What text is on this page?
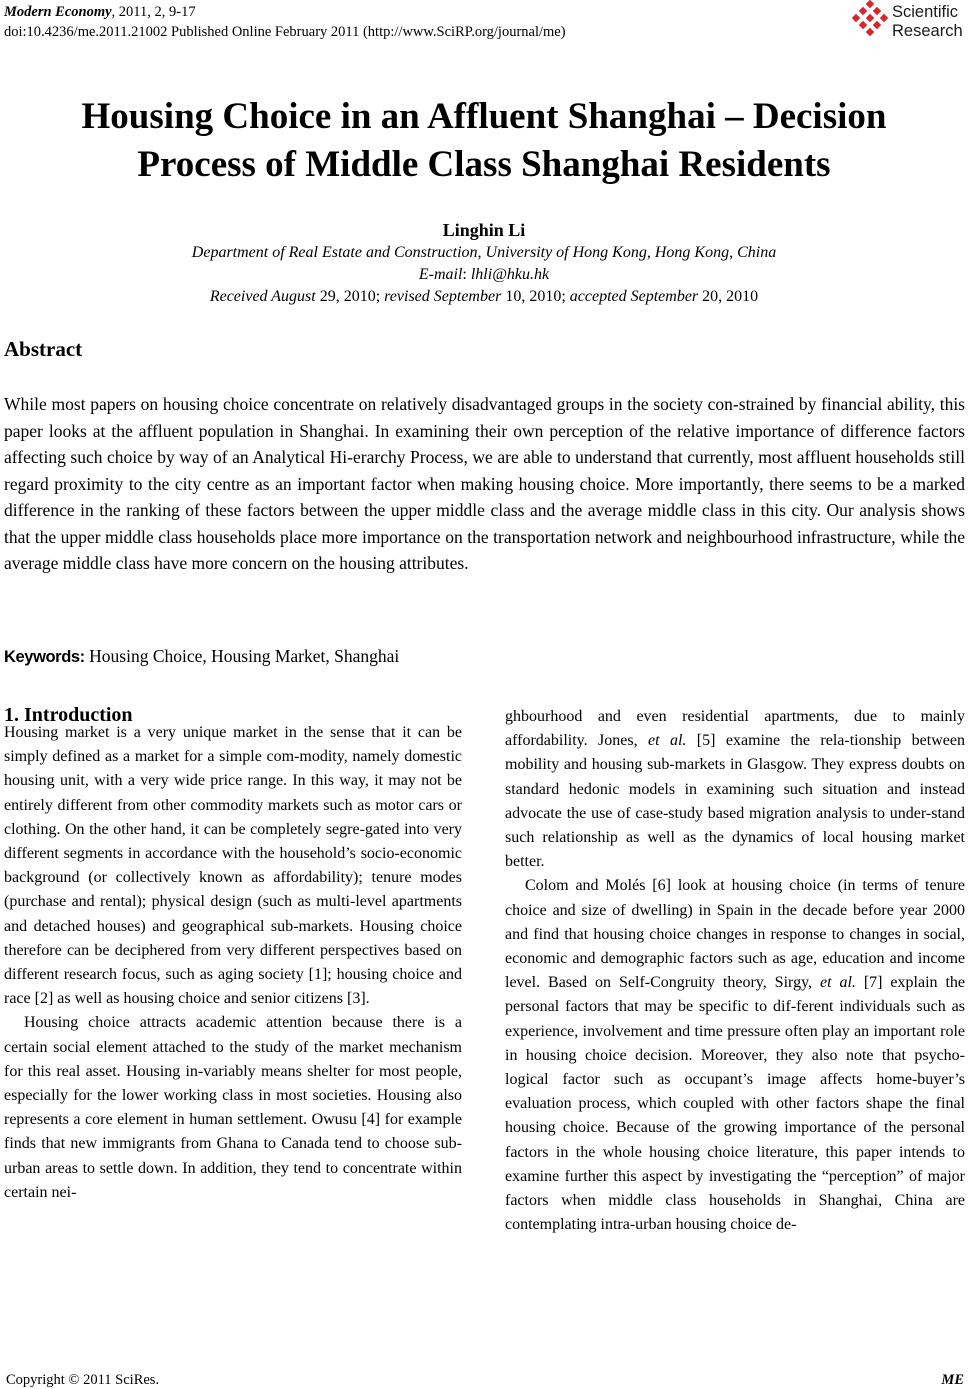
Modern Economy, 2011, 2, 9-17
doi:10.4236/me.2011.21002 Published Online February 2011 (http://www.SciRP.org/journal/me)
Scientific
Research
Housing Choice in an Affluent Shanghai – Decision
Process of Middle Class Shanghai Residents
Linghin Li
Department of Real Estate and Construction, University of Hong Kong, Hong Kong, China
E-mail: lhli@hku.hk
Received August 29, 2010; revised September 10, 2010; accepted September 20, 2010
Abstract
While most papers on housing choice concentrate on relatively disadvantaged groups in the society con-strained by financial ability, this paper looks at the affluent population in Shanghai. In examining their own perception of the relative importance of difference factors affecting such choice by way of an Analytical Hi-erarchy Process, we are able to understand that currently, most affluent households still regard proximity to the city centre as an important factor when making housing choice. More importantly, there seems to be a marked difference in the ranking of these factors between the upper middle class and the average middle class in this city. Our analysis shows that the upper middle class households place more importance on the transportation network and neighbourhood infrastructure, while the average middle class have more concern on the housing attributes.
Keywords: Housing Choice, Housing Market, Shanghai
1. Introduction

Housing market is a very unique market in the sense that it can be simply defined as a market for a simple com-modity, namely domestic housing unit, with a very wide price range. In this way, it may not be entirely different from other commodity markets such as motor cars or clothing. On the other hand, it can be completely segre-gated into very different segments in accordance with the household’s socio-economic background (or collectively known as affordability); tenure modes (purchase and rental); physical design (such as multi-level apartments and detached houses) and geographical sub-markets. Housing choice therefore can be deciphered from very different perspectives based on different research focus, such as aging society [1]; housing choice and race [2] as well as housing choice and senior citizens [3].

Housing choice attracts academic attention because there is a certain social element attached to the study of the market mechanism for this real asset. Housing in-variably means shelter for most people, especially for the lower working class in most societies. Housing also represents a core element in human settlement. Owusu [4] for example finds that new immigrants from Ghana to Canada tend to choose sub-urban areas to settle down. In addition, they tend to concentrate within certain nei-

ghbourhood and even residential apartments, due to mainly affordability. Jones, et al. [5] examine the rela-tionship between mobility and housing sub-markets in Glasgow. They express doubts on standard hedonic models in examining such situation and instead advocate the use of case-study based migration analysis to under-stand such relationship as well as the dynamics of local housing market better.

Colom and Molés [6] look at housing choice (in terms of tenure choice and size of dwelling) in Spain in the decade before year 2000 and find that housing choice changes in response to changes in social, economic and demographic factors such as age, education and income level. Based on Self-Congruity theory, Sirgy, et al. [7] explain the personal factors that may be specific to dif-ferent individuals such as experience, involvement and time pressure often play an important role in housing choice decision. Moreover, they also note that psycho-logical factor such as occupant’s image affects home-buyer’s evaluation process, which coupled with other factors shape the final housing choice. Because of the growing importance of the personal factors in the whole housing choice literature, this paper intends to examine further this aspect by investigating the “perception” of major factors when middle class households in Shanghai, China are contemplating intra-urban housing choice de-

Copyright © 2011 SciRes.	ME
